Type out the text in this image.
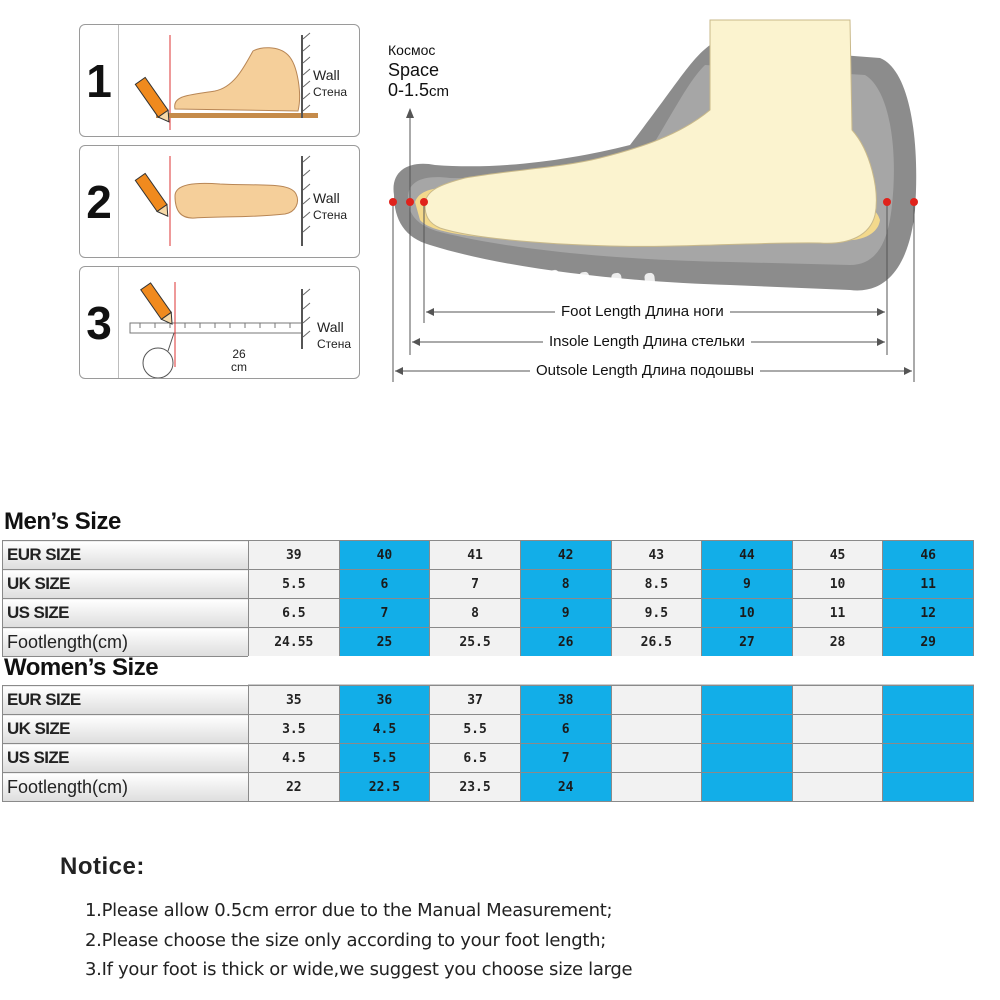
1	Wall
Стена
2	Wall
Стена
3
26
cm
Wall
Стена
Космос
Space
0-1.5cm
Foot Length Длина ноги
Insole Length Длина стельки
Outsole Length Длина подошвы
Men’s Size
EUR SIZE	39	40	41	42	43	44	45	46
UK SIZE	5.5	6	7	8	8.5	9	10	11
US SIZE	6.5	7	8	9	9.5	10	11	12
Footlength(cm)	24.55	25	25.5	26	26.5	27	28	29
Women’s Size
EUR SIZE	35	36	37	38				
UK SIZE	3.5	4.5	5.5	6				
US SIZE	4.5	5.5	6.5	7				
Footlength(cm)	22	22.5	23.5	24				
Notice:
1.Please allow 0.5cm error due to the Manual Measurement;
2.Please choose the size only according to your foot length;
3.If your foot is thick or wide,we suggest you choose size large
